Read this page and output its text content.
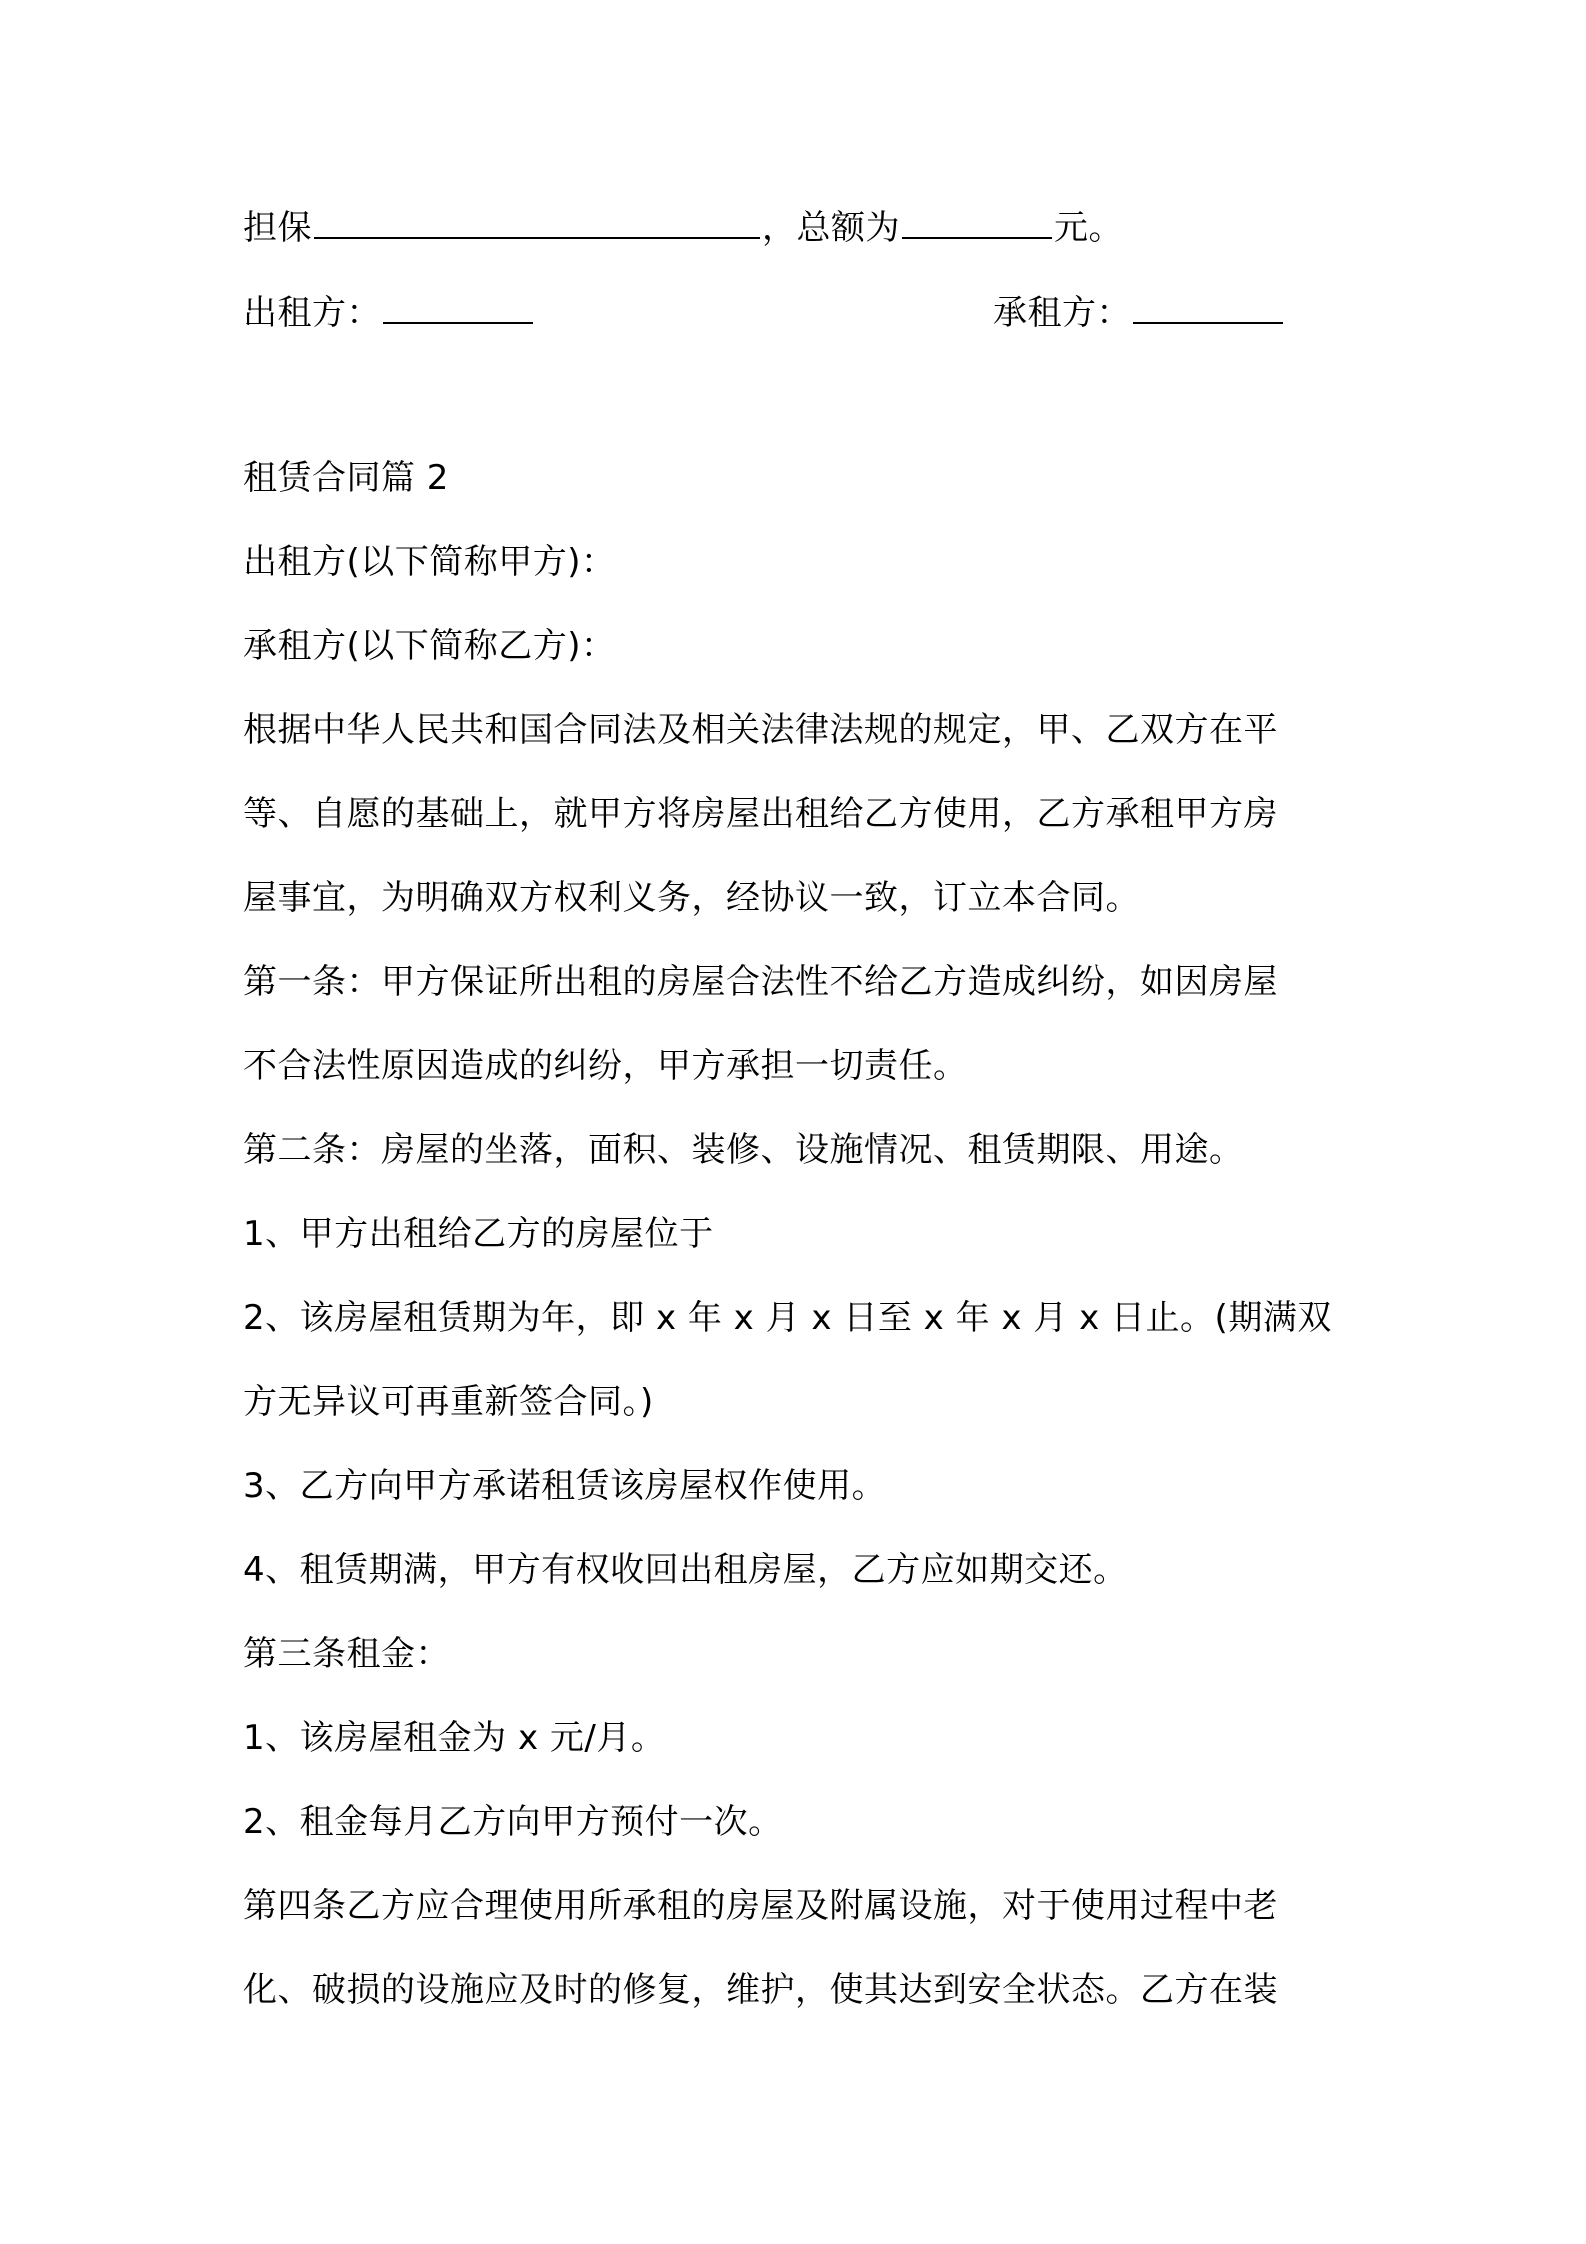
担保	，总额为	元。
出租方：	承租方：
租赁合同篇 2
出租方(以下简称甲方)：
承租方(以下简称乙方)：
根据中华人民共和国合同法及相关法律法规的规定，甲、乙双方在平
等、自愿的基础上，就甲方将房屋出租给乙方使用，乙方承租甲方房
屋事宜，为明确双方权利义务，经协议一致，订立本合同。
第一条：甲方保证所出租的房屋合法性不给乙方造成纠纷，如因房屋
不合法性原因造成的纠纷，甲方承担一切责任。
第二条：房屋的坐落，面积、装修、设施情况、租赁期限、用途。
1、甲方出租给乙方的房屋位于
2、该房屋租赁期为年，即 x 年 x 月 x 日至 x 年 x 月 x 日止。(期满双
方无异议可再重新签合同。)
3、乙方向甲方承诺租赁该房屋权作使用。
4、租赁期满，甲方有权收回出租房屋，乙方应如期交还。
第三条租金：
1、该房屋租金为 x 元/月。
2、租金每月乙方向甲方预付一次。
第四条乙方应合理使用所承租的房屋及附属设施，对于使用过程中老
化、破损的设施应及时的修复，维护，使其达到安全状态。乙方在装
